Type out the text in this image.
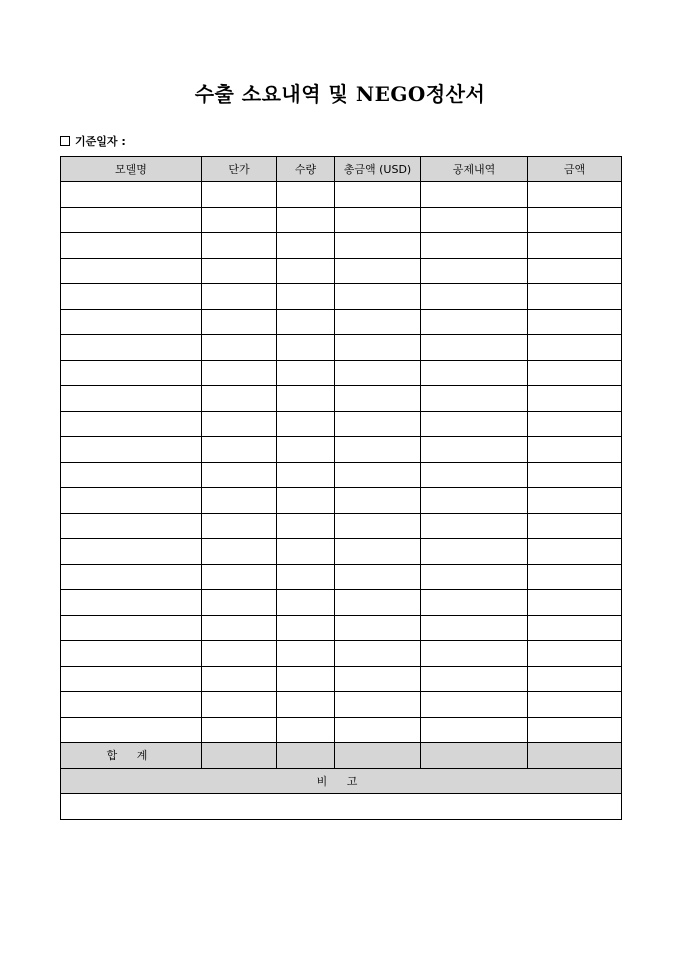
수출 소요내역 및 NEGO정산서
기준일자 :
모델명	단가	수량	총금액 (USD)	공제내역	금액

합 계					
비 고					
